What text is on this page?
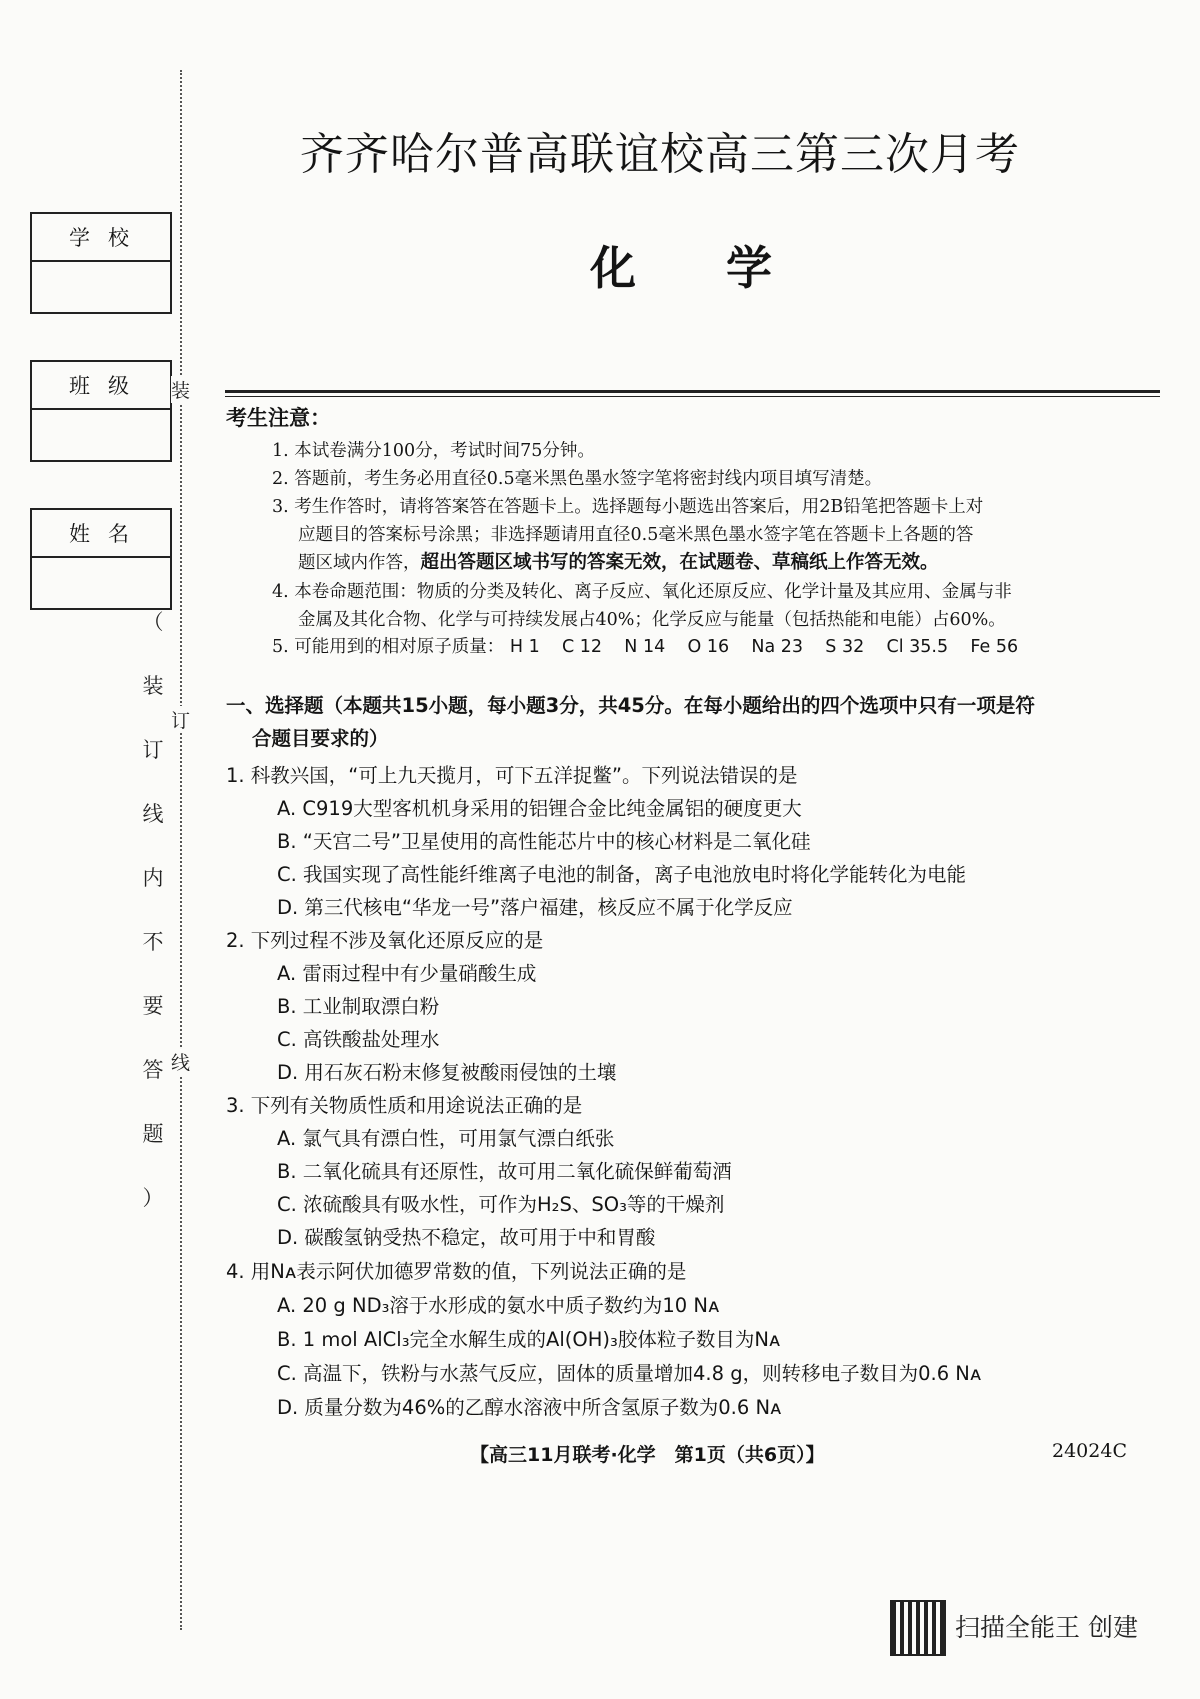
学校
班级
姓名
装
订
线
（
装
订
线
内
不
要
答
题
）
齐齐哈尔普高联谊校高三第三次月考
化学
考生注意：
1. 本试卷满分100分，考试时间75分钟。
2. 答题前，考生务必用直径0.5毫米黑色墨水签字笔将密封线内项目填写清楚。
3. 考生作答时，请将答案答在答题卡上。选择题每小题选出答案后，用2B铅笔把答题卡上对
应题目的答案标号涂黑；非选择题请用直径0.5毫米黑色墨水签字笔在答题卡上各题的答
题区域内作答，超出答题区域书写的答案无效，在试题卷、草稿纸上作答无效。
4. 本卷命题范围：物质的分类及转化、离子反应、氧化还原反应、化学计量及其应用、金属与非
金属及其化合物、化学与可持续发展占40%；化学反应与能量（包括热能和电能）占60%。
5. 可能用到的相对原子质量： H 1 C 12 N 14 O 16 Na 23 S 32 Cl 35.5 Fe 56
一、选择题（本题共15小题，每小题3分，共45分。在每小题给出的四个选项中只有一项是符
合题目要求的）
1. 科教兴国，“可上九天揽月，可下五洋捉鳖”。下列说法错误的是
A. C919大型客机机身采用的铝锂合金比纯金属铝的硬度更大
B. “天宫二号”卫星使用的高性能芯片中的核心材料是二氧化硅
C. 我国实现了高性能纤维离子电池的制备，离子电池放电时将化学能转化为电能
D. 第三代核电“华龙一号”落户福建，核反应不属于化学反应
2. 下列过程不涉及氧化还原反应的是
A. 雷雨过程中有少量硝酸生成
B. 工业制取漂白粉
C. 高铁酸盐处理水
D. 用石灰石粉末修复被酸雨侵蚀的土壤
3. 下列有关物质性质和用途说法正确的是
A. 氯气具有漂白性，可用氯气漂白纸张
B. 二氧化硫具有还原性，故可用二氧化硫保鲜葡萄酒
C. 浓硫酸具有吸水性，可作为H₂S、SO₃等的干燥剂
D. 碳酸氢钠受热不稳定，故可用于中和胃酸
4. 用Nᴀ表示阿伏加德罗常数的值，下列说法正确的是
A. 20 g ND₃溶于水形成的氨水中质子数约为10 Nᴀ
B. 1 mol AlCl₃完全水解生成的Al(OH)₃胶体粒子数目为Nᴀ
C. 高温下，铁粉与水蒸气反应，固体的质量增加4.8 g，则转移电子数目为0.6 Nᴀ
D. 质量分数为46%的乙醇水溶液中所含氢原子数为0.6 Nᴀ
【高三11月联考·化学　第1页（共6页）】	24024C
扫描全能王 创建
